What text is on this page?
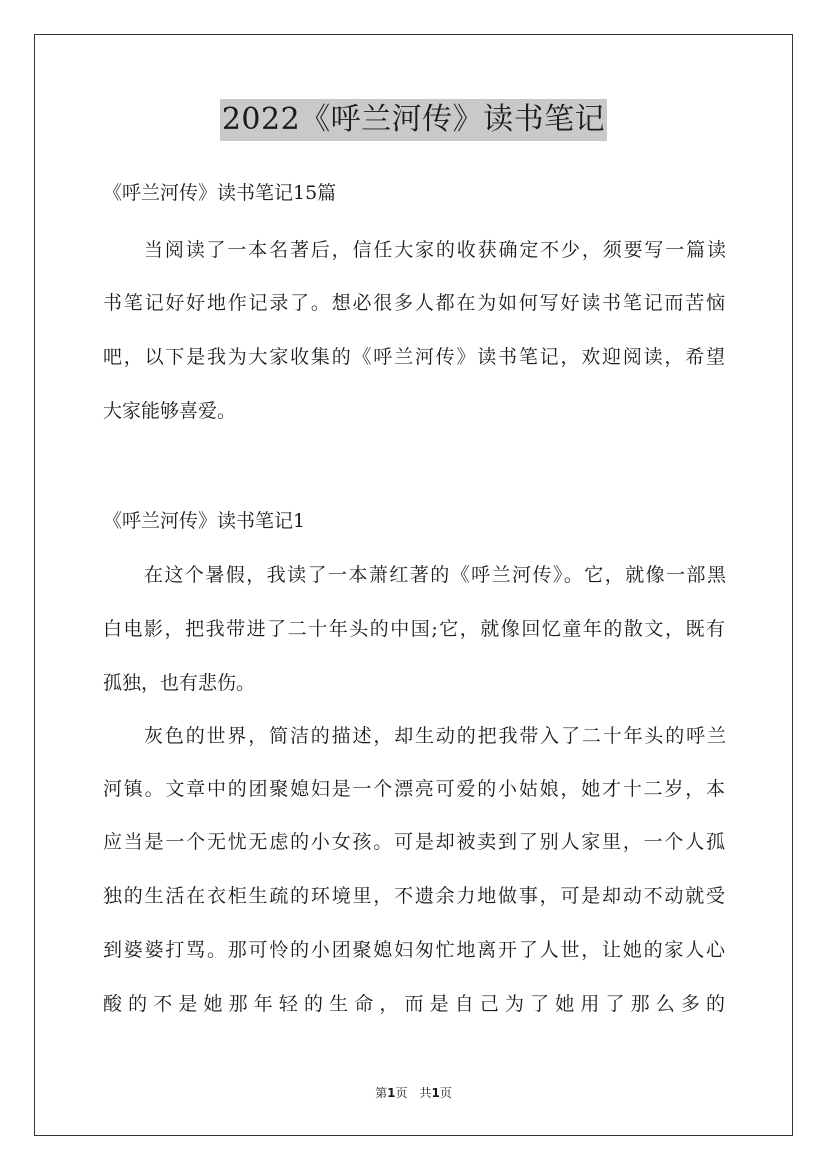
2022《呼兰河传》读书笔记
《呼兰河传》读书笔记15篇
当阅读了一本名著后，信任大家的收获确定不少，须要写一篇读
书笔记好好地作记录了。想必很多人都在为如何写好读书笔记而苦恼
吧，以下是我为大家收集的《呼兰河传》读书笔记，欢迎阅读，希望
大家能够喜爱。
《呼兰河传》读书笔记1
在这个暑假，我读了一本萧红著的《呼兰河传》。它，就像一部黑
白电影，把我带进了二十年头的中国;它，就像回忆童年的散文，既有
孤独，也有悲伤。
灰色的世界，简洁的描述，却生动的把我带入了二十年头的呼兰
河镇。文章中的团聚媳妇是一个漂亮可爱的小姑娘，她才十二岁，本
应当是一个无忧无虑的小女孩。可是却被卖到了别人家里，一个人孤
独的生活在衣柜生疏的环境里，不遗余力地做事，可是却动不动就受
到婆婆打骂。那可怜的小团聚媳妇匆忙地离开了人世，让她的家人心
酸的不是她那年轻的生命，而是自己为了她用了那么多的
第1页　共1页
